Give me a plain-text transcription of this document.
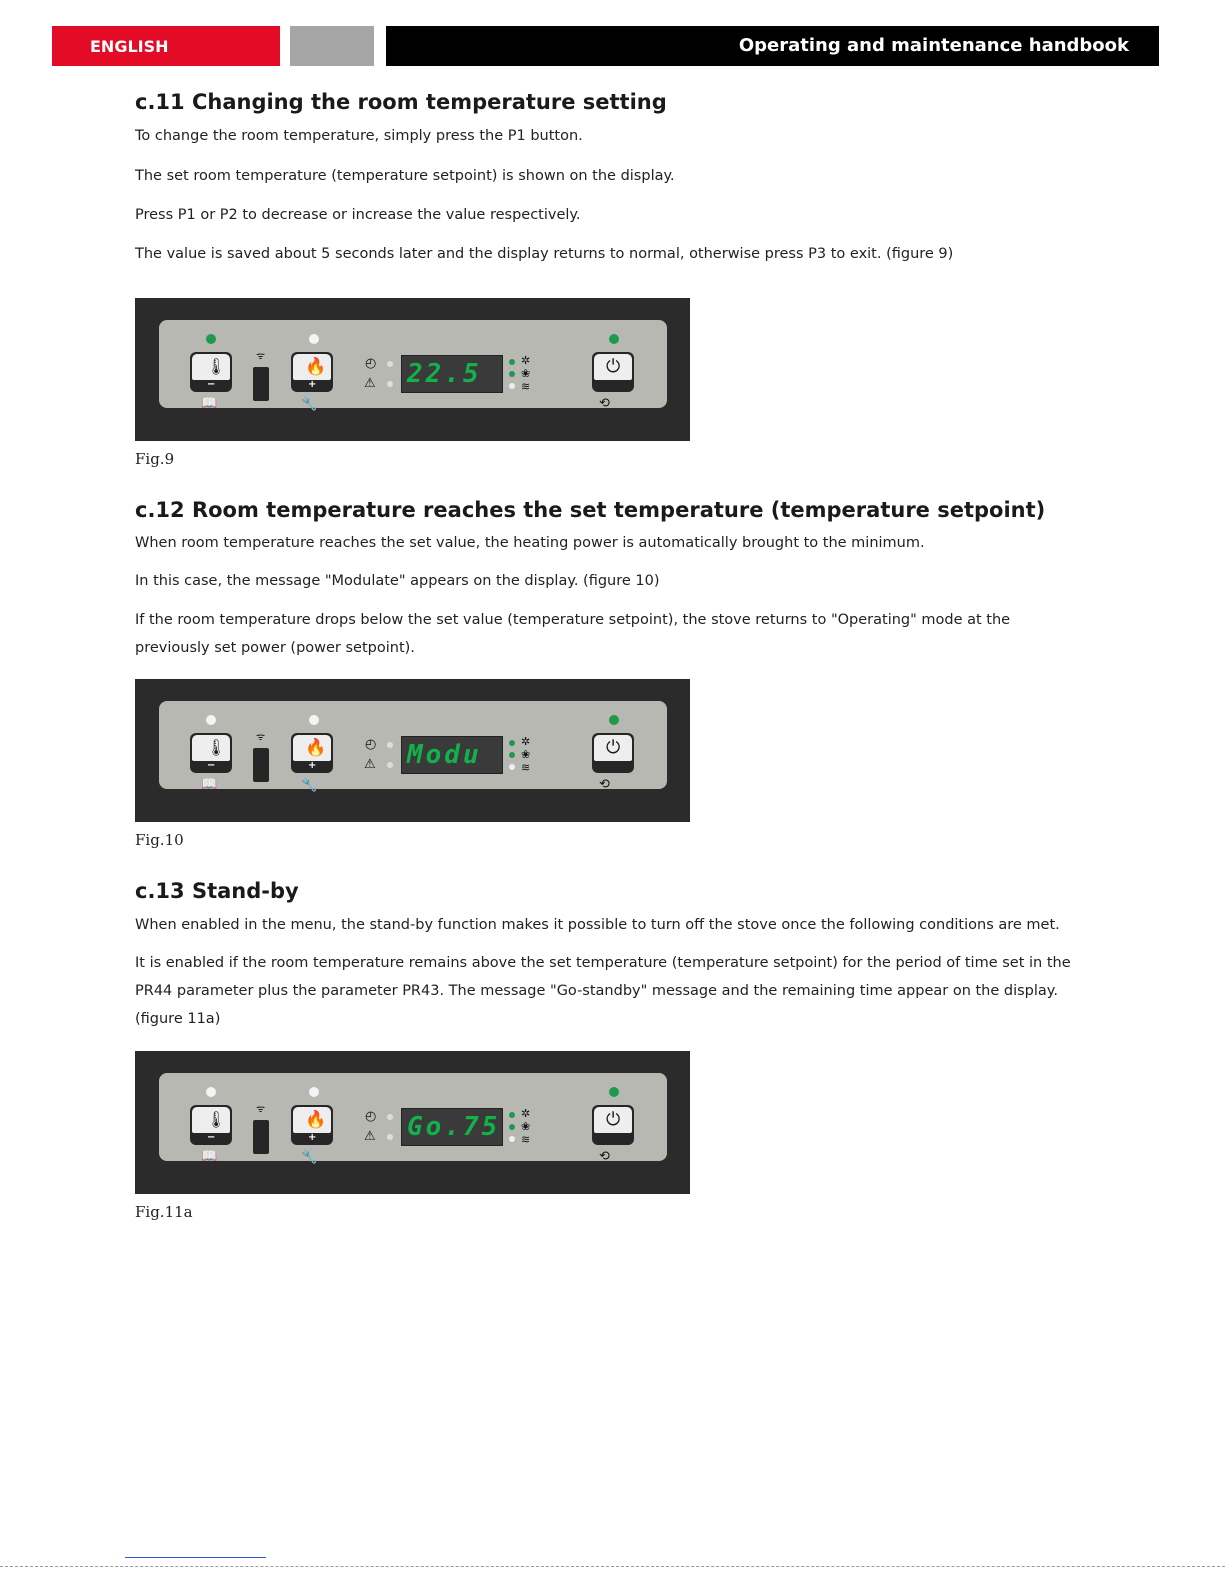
ENGLISH	Operating and maintenance handbook
c.11 Changing the room temperature setting

To change the room temperature, simply press the P1 button.

The set room temperature (temperature setpoint) is shown on the display.

Press P1 or P2 to decrease or increase the value respectively.

The value is saved about 5 seconds later and the display returns to normal, otherwise press P3 to exit. (figure 9)

🌡
−
📖
ᯤ
🔥
+
🔧
◴
⚠ 22.5	✲
❀
≋
⏻
⟲
Fig.9
c.12 Room temperature reaches the set temperature (temperature setpoint)

When room temperature reaches the set value, the heating power is automatically brought to the minimum.

In this case, the message "Modulate" appears on the display. (figure 10)

If the room temperature drops below the set value (temperature setpoint), the stove returns to "Operating" mode at the previously set power (power setpoint).

🌡
−
📖
ᯤ
🔥
+
🔧
◴
⚠ Modu	✲
❀
≋
⏻
⟲
Fig.10
c.13 Stand-by

When enabled in the menu, the stand-by function makes it possible to turn off the stove once the following conditions are met.

It is enabled if the room temperature remains above the set temperature (temperature setpoint) for the period of time set in the PR44 parameter plus the parameter PR43. The message "Go-standby" message and the remaining time appear on the display. (figure 11a)

🌡
−
📖
ᯤ
🔥
+
🔧
◴
⚠ Go.75 ✲
❀
≋
⏻
⟲
Fig.11a
